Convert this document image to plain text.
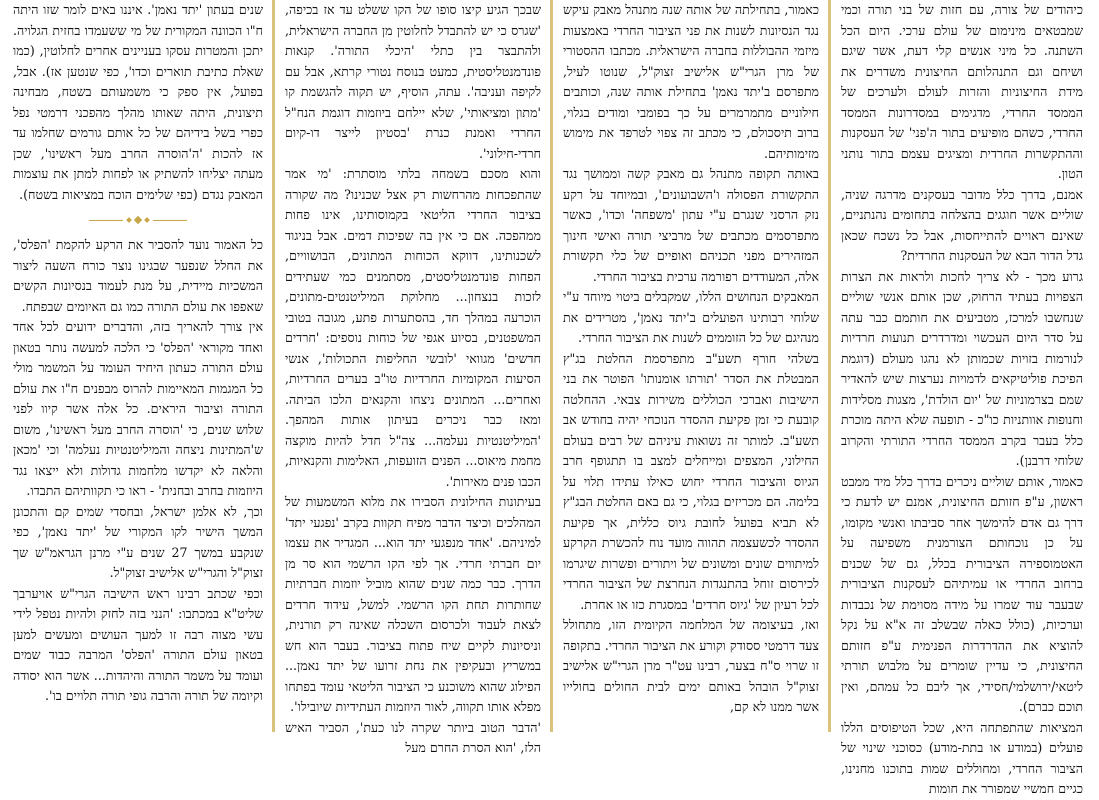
כיהודים של צורה, עם חזות של בני תורה וכמי שמבטאים מינימום של עולם ערכי. היום הכל השתנה. כל מיני אנשים קלי דעת, אשר שיגם ושיחם וגם התנהלותם החיצונית משדרים את מידת החיצוניות והזרות לעולם ולערכים של הממסד החרדי, מדגימים במסדרונות הממסד החרדי, כשהם מופיעים בתור ה'פני' של העסקנות וההתקשרות החרדית ומציגים עצמם בתור נותני הטון.

אמנם, בדרך כלל מדובר בעסקנים מדרגה שניה, שוליים אשר חוגגים בהצלחה בתחומים נהנתניים, שאינם ראויים להתייחסות, אבל כל נשכח שכאן גדל הדור הבא של העסקנות החרדית?

גרוע מכך - לא צריך לחכות ולראות את הצרות הצפויות בעתיד הרחוק, שכן אותם אנשי שוליים שנחשבו למרכז, מטביעים את חותמם כבר עתה על סדר היום העכשוי ומדרדרים תנועות חרדיות לנורמות בזויות שכמותן לא נהגו מעולם (דוגמת הפיכת פוליטיקאים לדמויות נערצות שיש להאדיר שמם בצרמוניות של 'יום הולדת', מצגות מסלידות וחנופות אוותניות כו"כ - תופעה שלא היתה מוכרת כלל בעבר בקרב הממסד החרדי התורתי והקרוב שלוחי דרבנן).

כאמור, אותם שוליים ניכרים בדרך כלל מיד ממבט ראשון, ע"פ חזותם החיצונית, אמנם יש לדעת כי דרך גם אדם להימשך אחר סביבתו ואנשי מקומו, על כן נוכחותם הצורמנית משפיעה על האטמוספירה הציבורית בכלל, גם של שכנים ברחוב החרדי או עמיתיהם לעסקנות הציבורית שבעבר עוד שמרו על מידה מסוימת של נכבדות וערכיות, (כולל כאלה שבשלב זה א"א על נקל להוציא את ההדרדרות הפנימית ע"פ חזותם החיצונית, כי עדיין שומרים על מלבוש תורתי ליטאי/ירושלמי/חסידי, אך ליבם כל עמהם, ואין תוכם כברם).

המציאות שהתפתחה היא, שכל הטיפוסים הללו פועלים (במודע או בתת-מודע) כסוכני שינוי של הציבור החרדי, ומחוללים שמות בתוכנו מחנינו, כגיים חמשיי שמפורר את חומות

כאמור, בתחילתה של אותה שנה מתנהל מאבק עיקש נגד הנסיונות לשנות את פני הציבור החרדי באמצעות מיזמי ההבוללות בחברה הישראלית. מכתבו ההסטורי של מרן הגרי"ש אלישיב זצוק"ל, שנוטו לעיל, מתפרסם ב'יתד נאמן' בתחילת אותה שנה, וכותבים חילוניים מתמרמרים על כך בפומבי ומודים בגלוי, ברוב תיסכולם, כי מכתב זה צפוי לטרפד את מימוש מזימותיהם.

באותה תקופה מתנהל גם מאבק קשה וממושך נגד התקשורת הפסולה ו'השבועונים', ובמיוחד על רקע נזק הרסני שנגרם ע"י עתון 'משפחה' וכדו', כאשר מתפרסמים מכתבים של מרביצי תורה ואישי חינוך המזהירים מפני תכניהם ואופיים של כלי תקשורת אלה, המעודדים רפורמה ערכית בציבור החרדי.

המאבקים הנחושים הללו, שמקבלים ביטוי מיוחד ע"י שלוחי רבותינו הפועלים ב'יתד נאמן', מטרידים את מנהיגם של כל הזוממים לשנות את הציבור החרדי.

בשלהי חורף תשע"ב מתפרסמת החלטת בג"ץ המבטלת את הסדר 'תורתו אומנותו' הפוטר את בני הישיבות ואברכי הכוללים משירות צבאי. ההחלטה קובעת כי זמן פקיעת ההסדר הנוכחי יהיה בחודש אב תשע"ב. למותר זה נשואות עיניהם של רבים בעולם החילוני, המצפים ומייחלים למצב בו תתגופף חרב הגיוס והציבור החרדי יחוש כאילו עתידו תלוי על בלימה. הם מכריזים בגלוי, כי גם באם החלטת הבג"ץ לא תביא בפועל לחובת גיוס כללית, אך פקיעת ההסדר לכשעצמה תהווה מועד נוח להכשרת הקרקע למיתווים שונים ומשונים של ויתורים ופשרות שיגרמו לכירסום זוחל בהתנגדות הנחרצת של הציבור החרדי לכל רעיון של 'גיוס חרדים' במסגרת כזו או אחרת.

ואז, בעיצומה של המלחמה הקיומית הזו, מתחולל צעד דרמטי ססודק וקורע את הציבור החרדי. בתקופה זו שרוי ס"ח בצער, רבינו עט"ר מרן הגרי"ש אלישיב זצוק"ל הובהל באותם ימים לבית החולים בחולייו אשר ממנו לא קם,

שבכך הגיע קיצו סופו של הקו ששלט עד אז בכיפה, 'שגרס כי יש להתבדל לחלוטין מן החברה הישראלית, ולהתבצר בין כתלי 'היכלי התורה'. קנאות פונדמנטליסטית, כמעט בנוסח נטורי קרתא, אבל עם לקיפה ועניבה'. עתה, הוסיף, יש תקוה להגשמת קו 'מתון ומציאותי', שלא יילחם ביוזמות דוגמת הנח"ל החרדי ואמנת כנרת 'בסטיון לייצר דו-קיום חרדי-חילוני'.

והוא מסכם בשמחה בלתי מוסתרת: 'מי אמר שהתפכחות מהרחשות רק אצל שכנינו? מה שקורה בציבור החרדי הליטאי בקמוסותינו, אינו פחות ממהפכה. אם כי אין בה שפיכות דמים. אבל בניגוד לשכנותינו, דווקא הכוחות המתונים, הבושוויים, הפחות פונדמנטליסטים, מסתמנים כמי שעתידים לזכות בנצחון... מחלוקת המיליטנטים-מתונים, הוכרעה במהלך חד, בהסתערות פתע, מגובה בטובי המשפטנים, בסיוע אגפי של כוחות נוספים: 'חרדים חדשים' מגוואי 'לובשי החליפות התכולות', אנשי הסיעות המקומיות החרדיות טו"ב בערים החרדיות, ואחרים... המתונים ניצחו והקנאים הלכו הביתה. ומאז כבר ניכרים בעיתון אותות המהפך. 'המיליטנטיות נעלמה... צה"ל חדל להיות מוקצה מחמת מיאוס... הפנים הזועפות, האלימות והקנאיות, הכבו פנים מאירות'.

בעיתונות החילונית הסבירו את מלוא המשמעות של המהלכים וכיצד הדבר מפיח תקוות בקרב 'נפגעי יתד' למיניהם. 'אחד מנפגעי יתד הוא... המגדיר את עצמו יום חברתי חרדי. אך לפי הקו הרשמי הוא סר מן הדרך. כבר כמה שנים שהוא מוביל יוזמות חברתיות שחותרות תחת הקו הרשמי. למשל, עידוד חרדים לצאת לעבוד ולכרסום השכלה שאינה רק תורנית, וניסיונות לקיים שיח פתוח בציבור. בעבר הוא חש במשריץ ובעקיפין את נחת זרועו של יתד נאמן... הפילוג שהוא משוכנע כי הציבור הליטאי עומד בפתחו מפלא אותו תקווה, לאור היוזמות העתידיות שיובילו'.

'הדבר הטוב ביותר שקרה לנו כעת', הסביר האיש הלז, 'הוא הסרת החרם מעל

שנים בעתון 'יתד נאמן'. איננו באים לומר שזו היתה ח"ו הכוונה המקורית של מי ששעמדו בחזית הגלויה. יתכן והמטרות עסקו בעניינים אחרים לחלוטין, (כמו שאלת כתיבת תוארים וכדו', כפי שנטען אז). אבל, בפועל, אין ספק כי משמעותם בשטח, מבחינה תיצונית, היתה שאותו מהלך מהפכני דרמטי נפל כפרי בשל בידיהם של כל אותם גורמים שחלמו עד אז להכות 'ה'הוסרה החרב מעל ראשינו', שכן מעתה יצליחו להשתיק או לפחות למתן את עוצמות המאבק נגדם (כפי שלימים הוכח במציאות בשטח).

כל האמור נועד להסביר את הרקע להקמת 'הפלס', את החלל שנפער שבגינו נוצר כורח השעה ליצור המשכיות מיידית, על מנת לעמוד בנסיונות הקשים שאפפו את עולם התורה כמו גם האיומים שבפתח.

אין צורך להאריך בזה, והדברים ידועים לכל אחד ואחד מקוראי 'הפלס' כי הלכה למעשה נותר בטאון עולם התורה כעתון היחיד העומד על המשמר מולי כל המגמות המאיימות להרוס מבפנים ח"ו את עולם התורה וציבור היראים. כל אלה אשר קיוו לפני שלוש שנים, כי 'הוסרה החרב מעל ראשינו', משום ש'המתינות ניצחה והמיליטנטיות נעלמה' וכי 'מכאן והלאה לא יקדשו מלחמות גדולות ולא ייצאו נגד היוזמות בחרב ובחנית' - ראו כי תקוותיהם התבדו.

וכך, לא אלמן ישראל, ובחסדי שמים קם והתכונן המשך הישיר לקו המקורי של 'יתד נאמן', כפי שנקבע במשך 27 שנים ע"י מרנן הגראמ"ש שך זצוק"ל והגרי"ש אלישיב זצוק"ל.

וכפי שכתב רבינו ראש הישיבה הגרי"ש אויערבך שליט"א במכתבו: 'הנני בזה לחזק ולהיות נטפל לידי עשי מצוה רבה זו למעך העושים ומעשים למען בטאון עולם התורה 'הפלס' המרבה כבוד שמים ועומד על משמר התורה והיהדות... אשר הוא יסודה וקיומה של תורה והרבה גופי תורה תלויים בו'.
